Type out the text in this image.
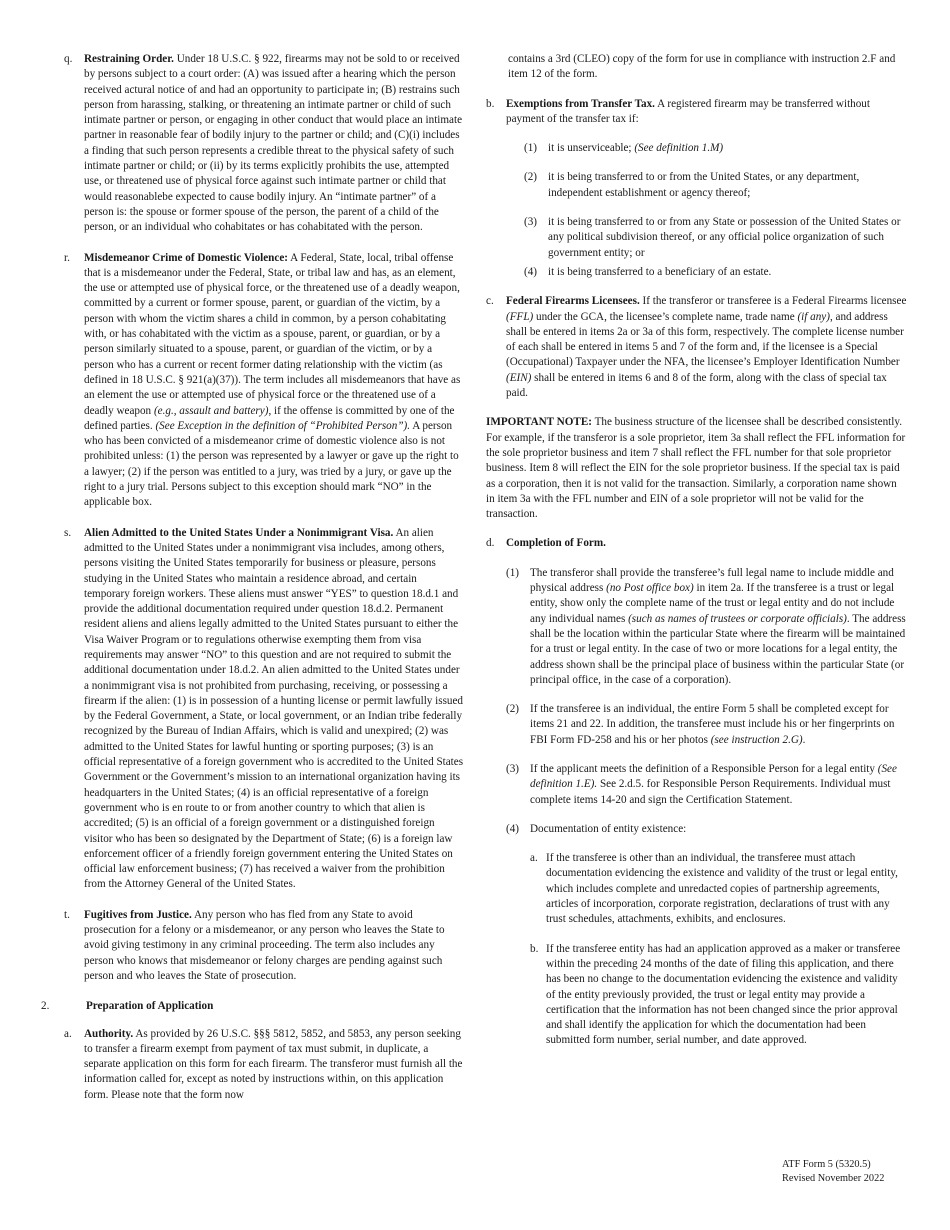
q. Restraining Order. Under 18 U.S.C. § 922, firearms may not be sold to or received by persons subject to a court order: (A) was issued after a hearing which the person received actural notice of and had an opportunity to participate in; (B) restrains such person from harassing, stalking, or threatening an intimate partner or child of such intimate partner or person, or engaging in other conduct that would place an intimate partner in reasonable fear of bodily injury to the partner or child; and (C)(i) includes a finding that such person represents a credible threat to the physical safety of such intimate partner or child; or (ii) by its terms explicitly prohibits the use, attempted use, or threatened use of physical force against such intimate partner or child that would reasonablebe expected to cause bodily injury. An “intimate partner” of a person is: the spouse or former spouse of the person, the parent of a child of the person, or an individual who cohabitates or has cohabitated with the person.

r. Misdemeanor Crime of Domestic Violence: A Federal, State, local, tribal offense that is a misdemeanor under the Federal, State, or tribal law and has, as an element, the use or attempted use of physical force, or the threatened use of a deadly weapon, committed by a current or former spouse, parent, or guardian of the victim, by a person with whom the victim shares a child in common, by a person cohabitating with, or has cohabitated with the victim as a spouse, parent, or guardian, or by a person similarly situated to a spouse, parent, or guardian of the victim, or by a person who has a current or recent former dating relationship with the victim (as defined in 18 U.S.C. § 921(a)(37)). The term includes all misdemeanors that have as an element the use or attempted use of physical force or the threatened use of a deadly weapon (e.g., assault and battery), if the offense is committed by one of the defined parties. (See Exception in the definition of “Prohibited Person”). A person who has been convicted of a misdemeanor crime of domestic violence also is not prohibited unless: (1) the person was represented by a lawyer or gave up the right to a lawyer; (2) if the person was entitled to a jury, was tried by a jury, or gave up the right to a jury trial. Persons subject to this exception should mark “NO” in the applicable box.

s. Alien Admitted to the United States Under a Nonimmigrant Visa. An alien admitted to the United States under a nonimmigrant visa includes, among others, persons visiting the United States temporarily for business or pleasure, persons studying in the United States who maintain a residence abroad, and certain temporary foreign workers. These aliens must answer “YES” to question 18.d.1 and provide the additional documentation required under question 18.d.2. Permanent resident aliens and aliens legally admitted to the United States pursuant to either the Visa Waiver Program or to regulations otherwise exempting them from visa requirements may answer “NO” to this question and are not required to submit the additional documentation under 18.d.2. An alien admitted to the United States under a nonimmigrant visa is not prohibited from purchasing, receiving, or possessing a firearm if the alien: (1) is in possession of a hunting license or permit lawfully issued by the Federal Government, a State, or local government, or an Indian tribe federally recognized by the Bureau of Indian Affairs, which is valid and unexpired; (2) was admitted to the United States for lawful hunting or sporting purposes; (3) is an official representative of a foreign government who is accredited to the United States Government or the Government’s mission to an international organization having its headquarters in the United States; (4) is an official representative of a foreign government who is en route to or from another country to which that alien is accredited; (5) is an official of a foreign government or a distinguished foreign visitor who has been so designated by the Department of State; (6) is a foreign law enforcement officer of a friendly foreign government entering the United States on official law enforcement business; (7) has received a waiver from the prohibition from the Attorney General of the United States.

t. Fugitives from Justice. Any person who has fled from any State to avoid prosecution for a felony or a misdemeanor, or any person who leaves the State to avoid giving testimony in any criminal proceeding. The term also includes any person who knows that misdemeanor or felony charges are pending against such person and who leaves the State of prosecution.

2.	Preparation of Application
a. Authority. As provided by 26 U.S.C. §§§ 5812, 5852, and 5853, any person seeking to transfer a firearm exempt from payment of tax must submit, in duplicate, a separate application on this form for each firearm. The transferor must furnish all the information called for, except as noted by instructions within, on this application form. Please note that the form now

contains a 3rd (CLEO) copy of the form for use in compliance with instruction 2.F and item 12 of the form.

b. Exemptions from Transfer Tax. A registered firearm may be transferred without payment of the transfer tax if:

(1) it is unserviceable; (See definition 1.M)

(2) it is being transferred to or from the United States, or any department, independent establishment or agency thereof;

(3) it is being transferred to or from any State or possession of the United States or any political subdivision thereof, or any official police organization of such government entity; or

(4) it is being transferred to a beneficiary of an estate.

c. Federal Firearms Licensees. If the transferor or transferee is a Federal Firearms licensee (FFL) under the GCA, the licensee’s complete name, trade name (if any), and address shall be entered in items 2a or 3a of this form, respectively. The complete license number of each shall be entered in items 5 and 7 of the form and, if the licensee is a Special (Occupational) Taxpayer under the NFA, the licensee’s Employer Identification Number (EIN) shall be entered in items 6 and 8 of the form, along with the class of special tax paid.

IMPORTANT NOTE: The business structure of the licensee shall be described consistently. For example, if the transferor is a sole proprietor, item 3a shall reflect the FFL information for the sole proprietor business and item 7 shall reflect the FFL number for that sole proprietor business. Item 8 will reflect the EIN for the sole proprietor business. If the special tax is paid as a corporation, then it is not valid for the transaction. Similarly, a corporation name shown in item 3a with the FFL number and EIN of a sole proprietor will not be valid for the transaction.

d. Completion of Form.

(1) The transferor shall provide the transferee’s full legal name to include middle and physical address (no Post office box) in item 2a. If the transferee is a trust or legal entity, show only the complete name of the trust or legal entity and do not include any individual names (such as names of trustees or corporate officials). The address shall be the location within the particular State where the firearm will be maintained for a trust or legal entity. In the case of two or more locations for a legal entity, the address shown shall be the principal place of business within the particular State (or principal office, in the case of a corporation).

(2) If the transferee is an individual, the entire Form 5 shall be completed except for items 21 and 22. In addition, the transferee must include his or her fingerprints on FBI Form FD-258 and his or her photos (see instruction 2.G).

(3) If the applicant meets the definition of a Responsible Person for a legal entity (See definition 1.E). See 2.d.5. for Responsible Person Requirements. Individual must complete items 14-20 and sign the Certification Statement.

(4) Documentation of entity existence:

a. If the transferee is other than an individual, the transferee must attach documentation evidencing the existence and validity of the trust or legal entity, which includes complete and unredacted copies of partnership agreements, articles of incorporation, corporate registration, declarations of trust with any trust schedules, attachments, exhibits, and enclosures.

b. If the transferee entity has had an application approved as a maker or transferee within the preceding 24 months of the date of filing this application, and there has been no change to the documentation evidencing the existence and validity of the entity previously provided, the trust or legal entity may provide a certification that the information has not been changed since the prior approval and shall identify the application for which the documentation had been submitted form number, serial number, and date approved.

ATF Form 5 (5320.5)
Revised November 2022
